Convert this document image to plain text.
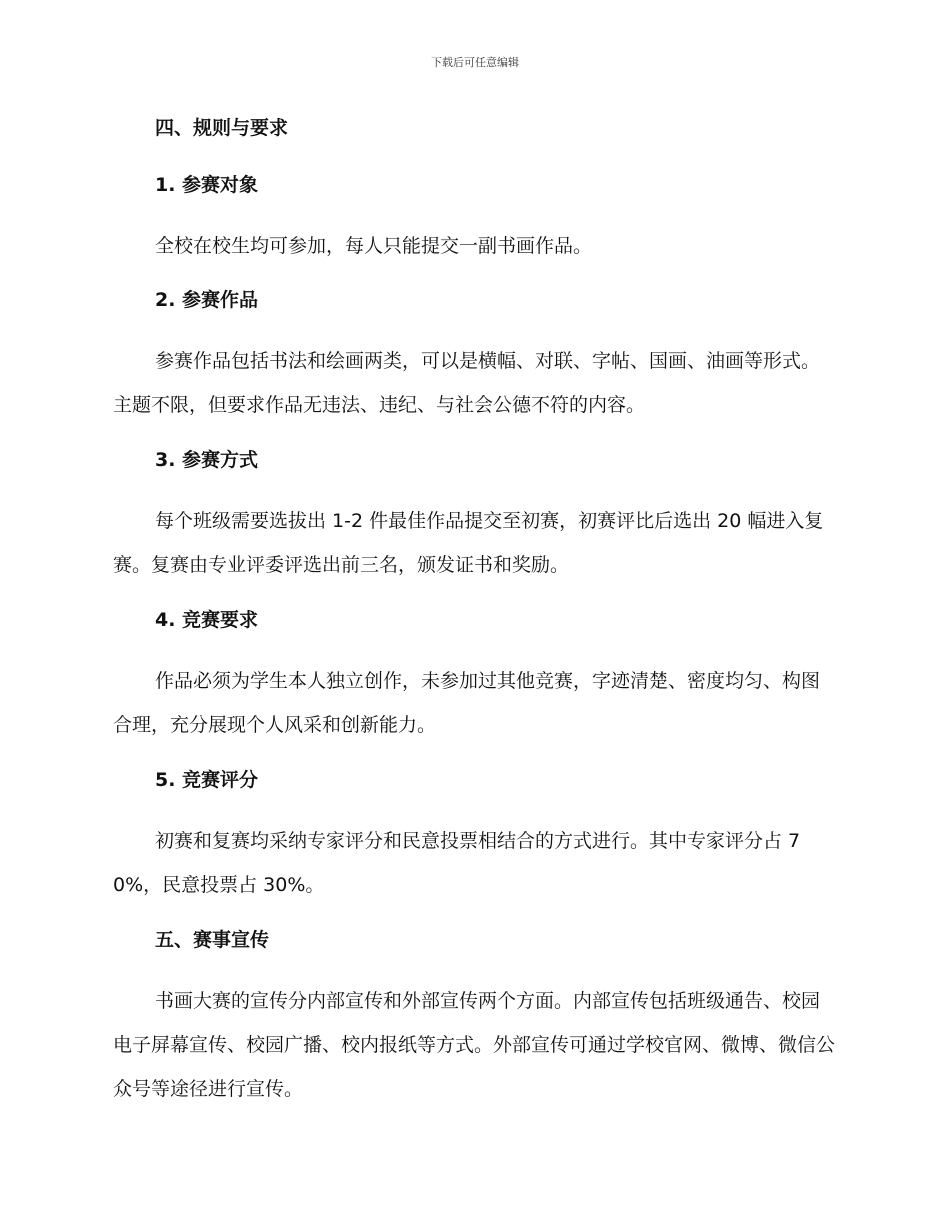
下载后可任意编辑
四、规则与要求
1. 参赛对象
全校在校生均可参加，每人只能提交一副书画作品。
2. 参赛作品
参赛作品包括书法和绘画两类，可以是横幅、对联、字帖、国画、油画等形式。主题不限，但要求作品无违法、违纪、与社会公德不符的内容。
3. 参赛方式
每个班级需要选拔出 1-2 件最佳作品提交至初赛，初赛评比后选出 20 幅进入复赛。复赛由专业评委评选出前三名，颁发证书和奖励。
4. 竞赛要求
作品必须为学生本人独立创作，未参加过其他竞赛，字迹清楚、密度均匀、构图合理，充分展现个人风采和创新能力。
5. 竞赛评分
初赛和复赛均采纳专家评分和民意投票相结合的方式进行。其中专家评分占 70%，民意投票占 30%。
五、赛事宣传
书画大赛的宣传分内部宣传和外部宣传两个方面。内部宣传包括班级通告、校园电子屏幕宣传、校园广播、校内报纸等方式。外部宣传可通过学校官网、微博、微信公众号等途径进行宣传。
